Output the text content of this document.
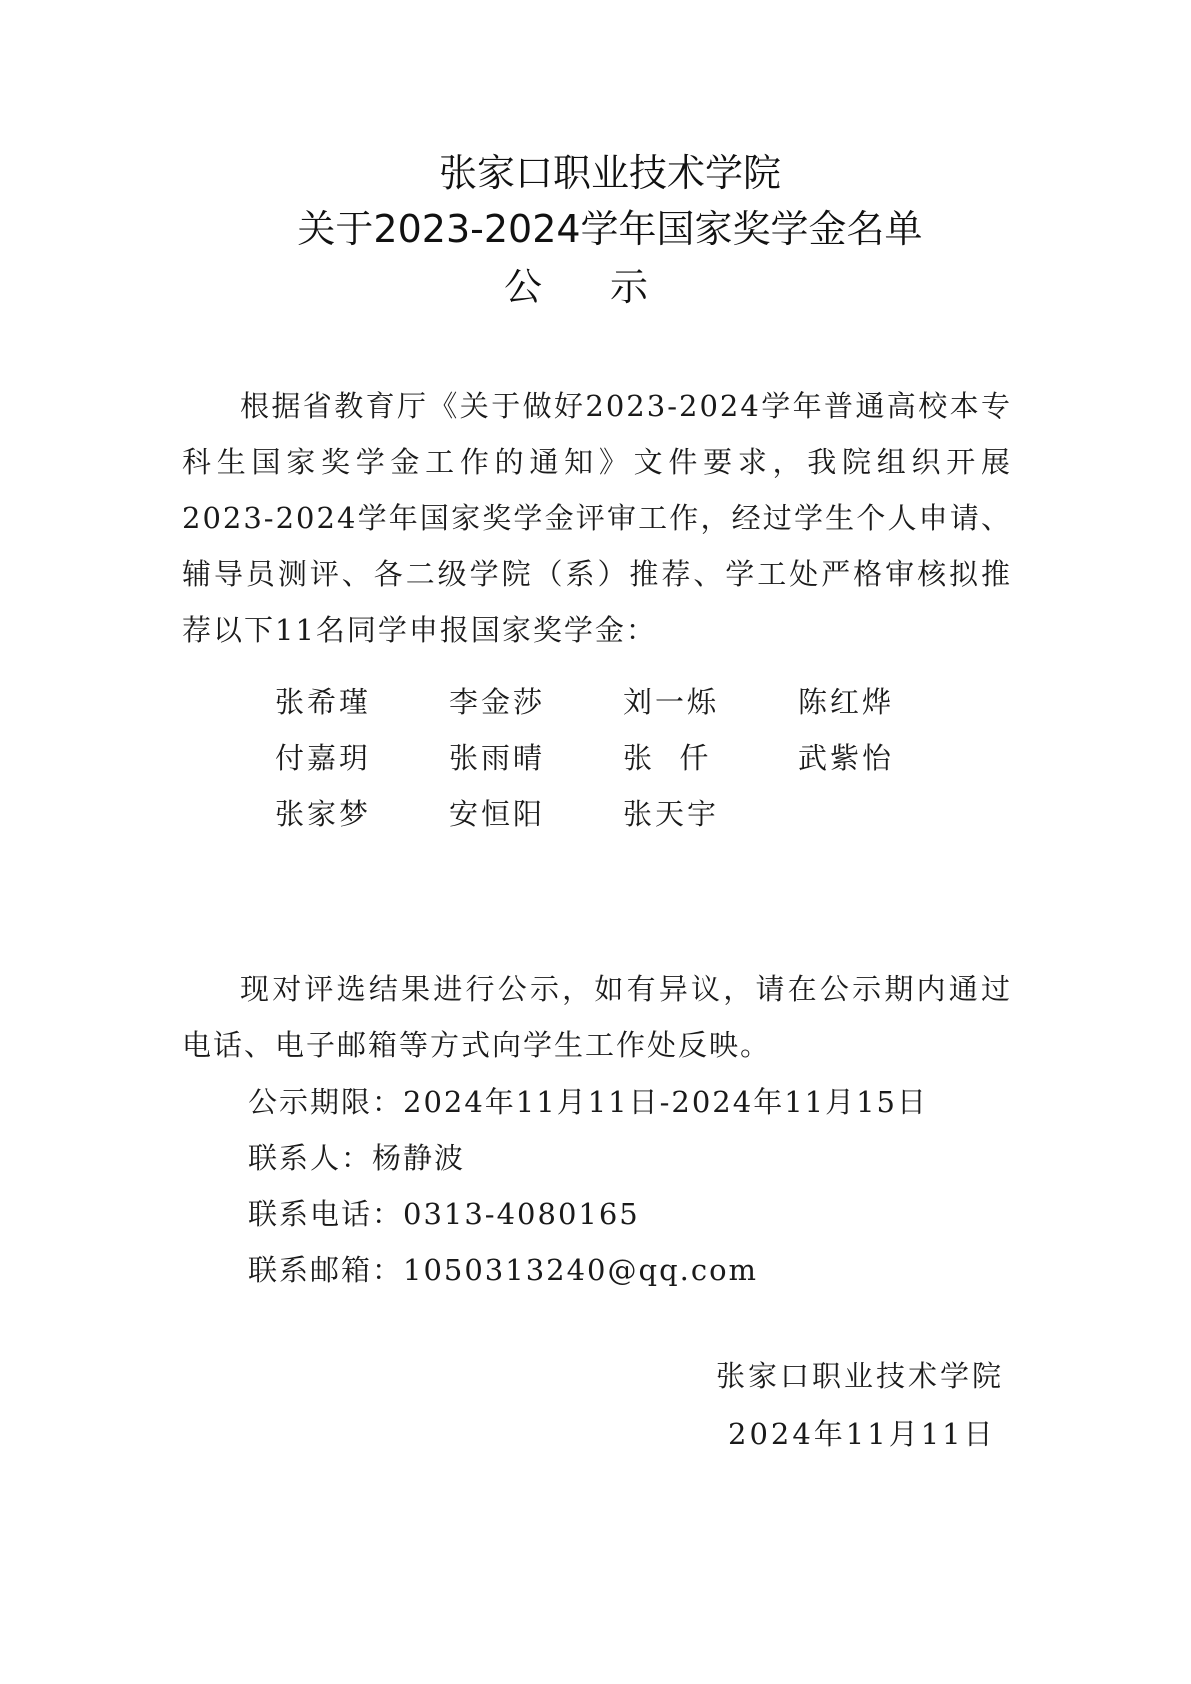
张家口职业技术学院
关于2023-2024学年国家奖学金名单
公示
根据省教育厅《关于做好2023-2024学年普通高校本专科生国家奖学金工作的通知》文件要求，我院组织开展2023-2024学年国家奖学金评审工作，经过学生个人申请、辅导员测评、各二级学院（系）推荐、学工处严格审核拟推荐以下11名同学申报国家奖学金：
张希瑾	李金莎	刘一烁	陈红烨
付嘉玥	张雨晴	张  仟	武紫怡
张家梦	安恒阳	张天宇
现对评选结果进行公示，如有异议，请在公示期内通过电话、电子邮箱等方式向学生工作处反映。
公示期限：2024年11月11日-2024年11月15日
联系人：杨静波
联系电话：0313-4080165
联系邮箱：1050313240@qq.com
张家口职业技术学院
2024年11月11日
